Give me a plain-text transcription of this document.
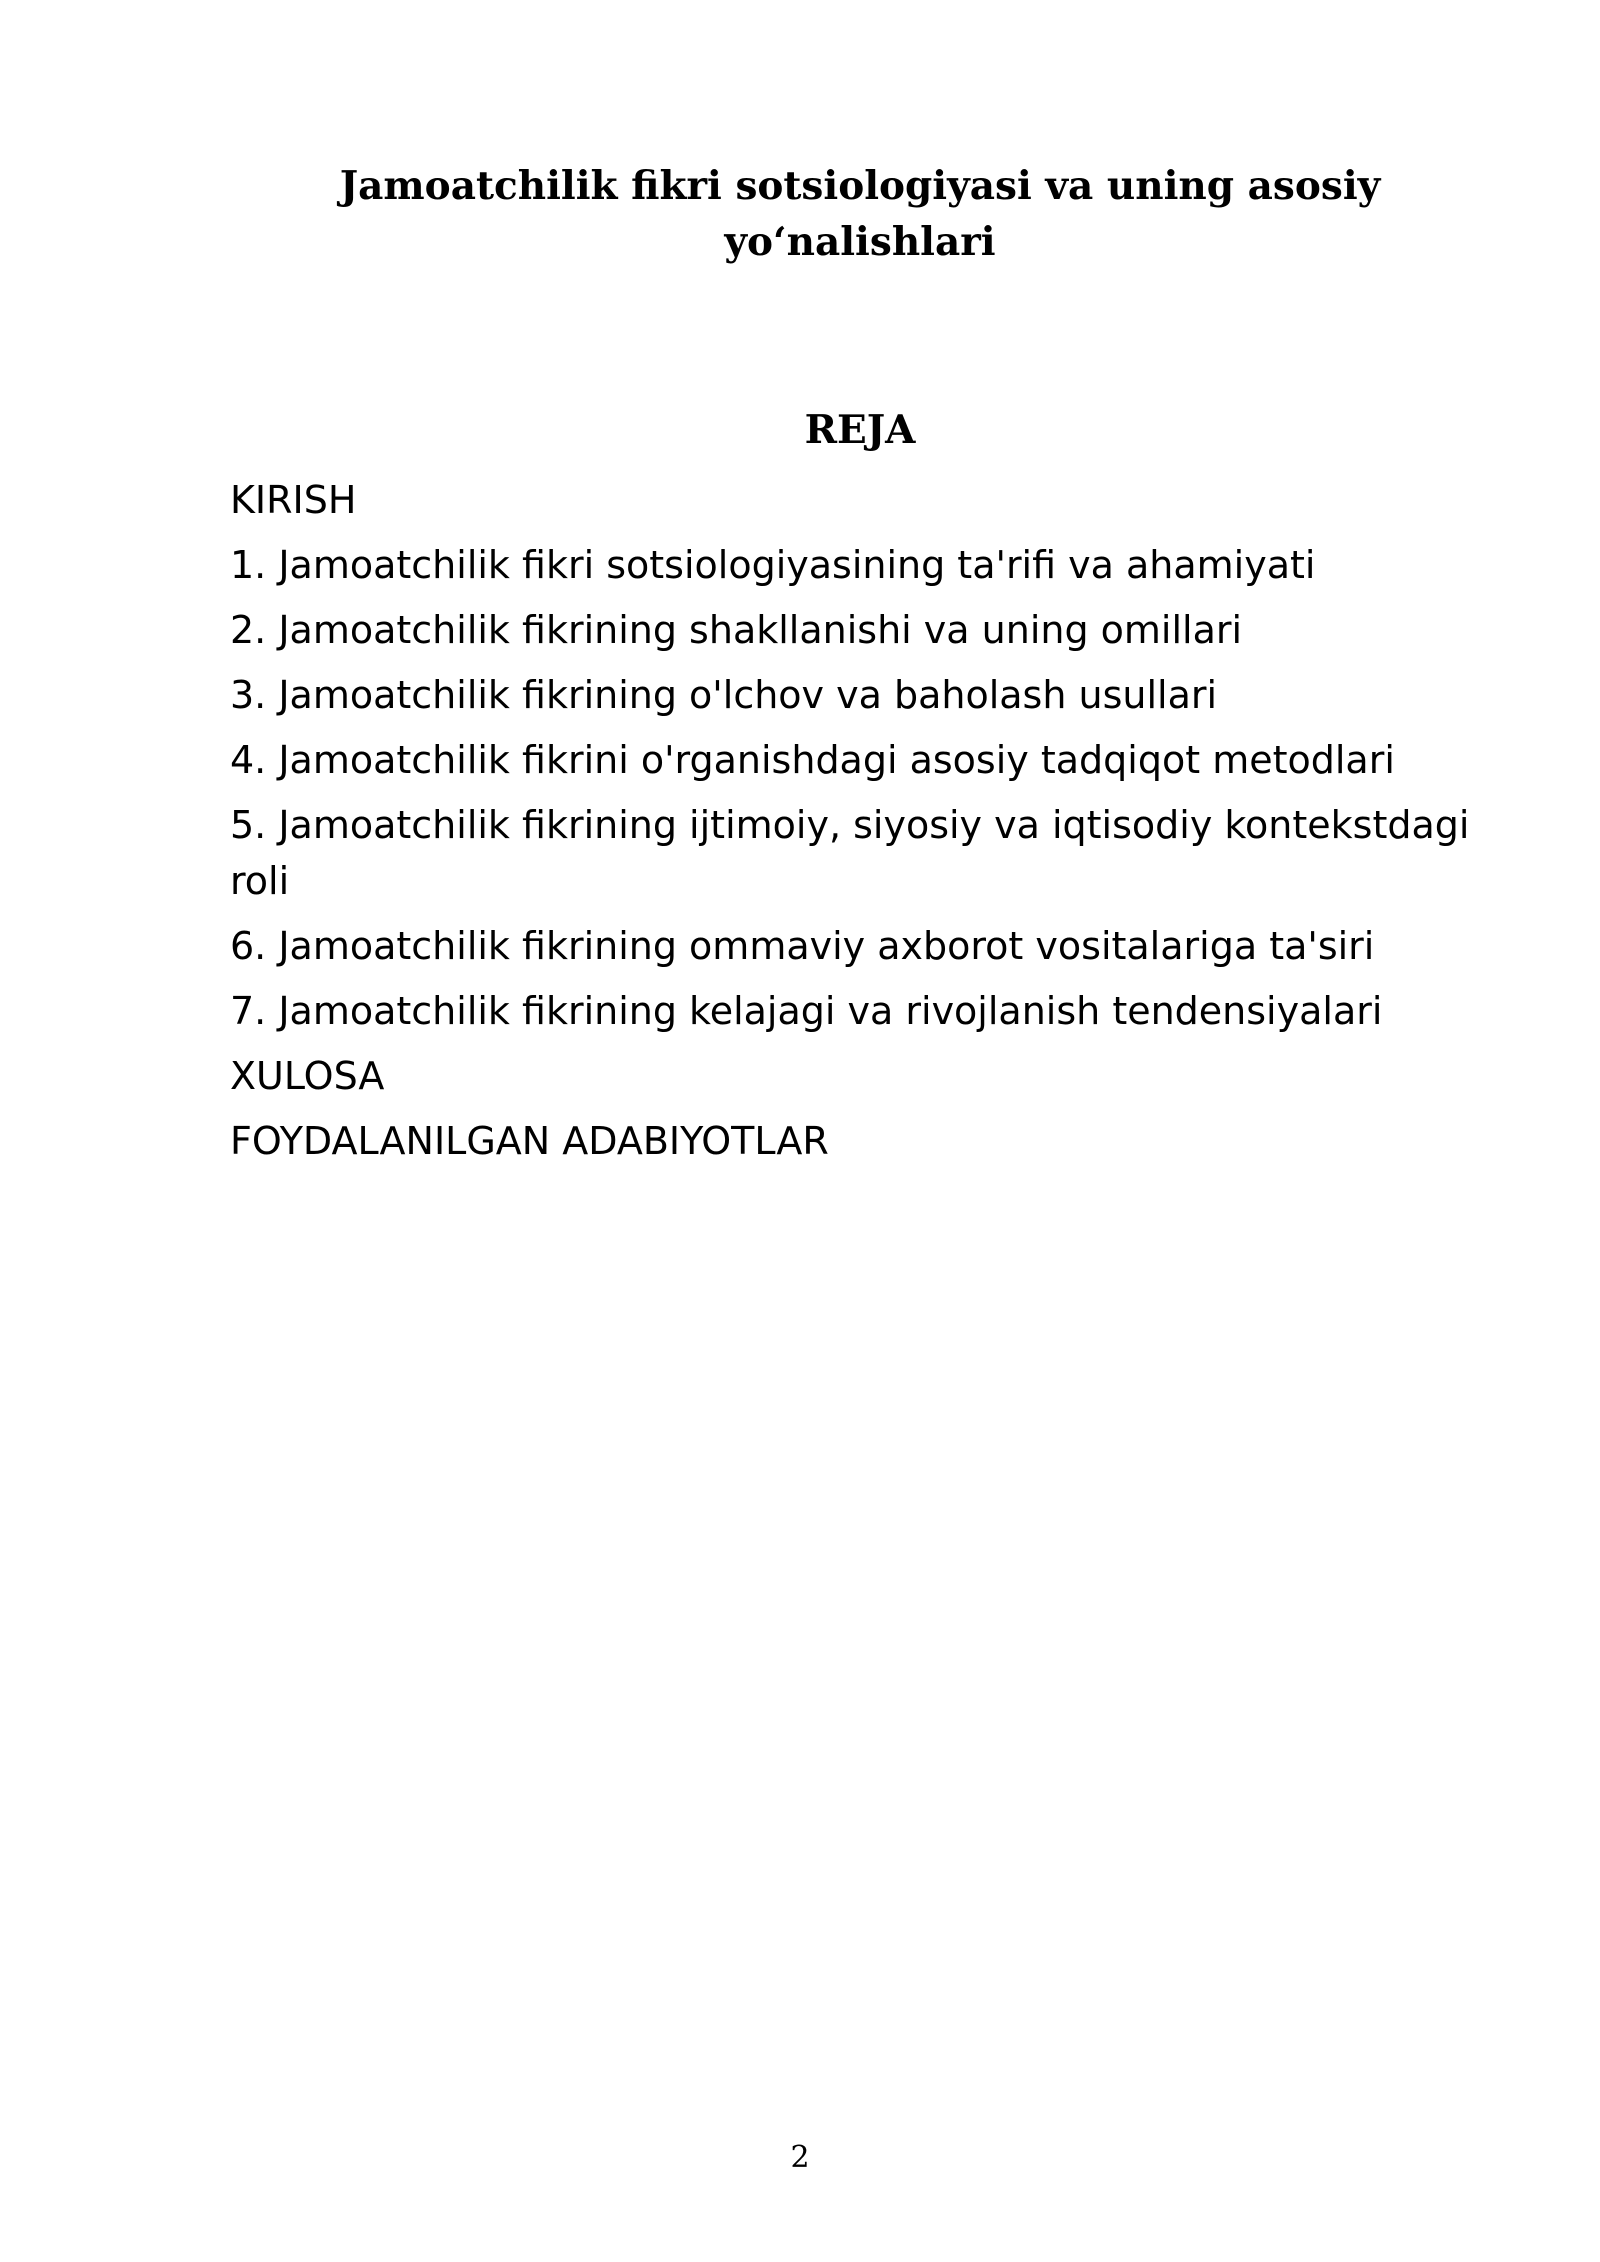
Jamoatchilik fikri sotsiologiyasi va uning asosiy
yo‘nalishlari
REJA
KIRISH
1. Jamoatchilik fikri sotsiologiyasining ta'rifi va ahamiyati
2. Jamoatchilik fikrining shakllanishi va uning omillari
3. Jamoatchilik fikrining o'lchov va baholash usullari
4. Jamoatchilik fikrini o'rganishdagi asosiy tadqiqot metodlari
5. Jamoatchilik fikrining ijtimoiy, siyosiy va iqtisodiy kontekstdagi roli
6. Jamoatchilik fikrining ommaviy axborot vositalariga ta'siri
7. Jamoatchilik fikrining kelajagi va rivojlanish tendensiyalari
XULOSA
FOYDALANILGAN ADABIYOTLAR
2
